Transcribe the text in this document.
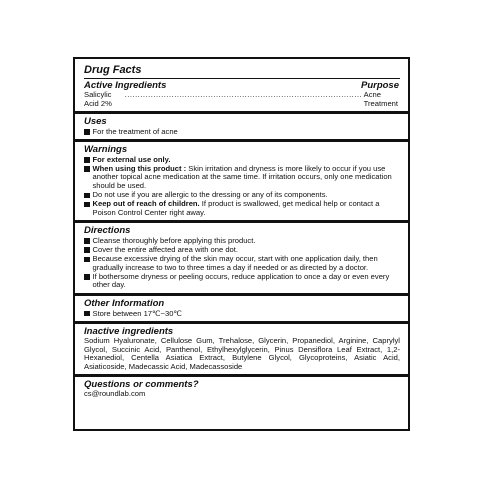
Drug Facts
Active Ingredients	Purpose
Salicylic Acid 2%
.....
Acne Treatment
Uses
For the treatment of acne
Warnings
For external use only.
When using this product : Skin irritation and dryness is more likely to occur if you use another topical acne medication at the same time. If irritation occurs, only one medication should be used.
Do not use if you are allergic to the dressing or any of its components.
Keep out of reach of children. If product is swallowed, get medical help or contact a Poison Control Center right away.
Directions
Cleanse thoroughly before applying this product.
Cover the entire affected area with one dot.
Because excessive drying of the skin may occur, start with one application daily, then gradually increase to two to three times a day if needed or as directed by a doctor.
If bothersome dryness or peeling occurs, reduce application to once a day or even every other day.
Other Information
Store between 17℃~30℃
Inactive ingredients
Sodium Hyaluronate, Cellulose Gum, Trehalose, Glycerin, Propanediol, Arginine, Caprylyl Glycol, Succinic Acid, Panthenol, Ethylhexylglycerin, Pinus Densiflora Leaf Extract, 1,2-Hexanediol, Centella Asiatica Extract, Butylene Glycol, Glycoproteins, Asiatic Acid, Asiaticoside, Madecassic Acid, Madecassoside
Questions or comments?
cs@roundlab.com
